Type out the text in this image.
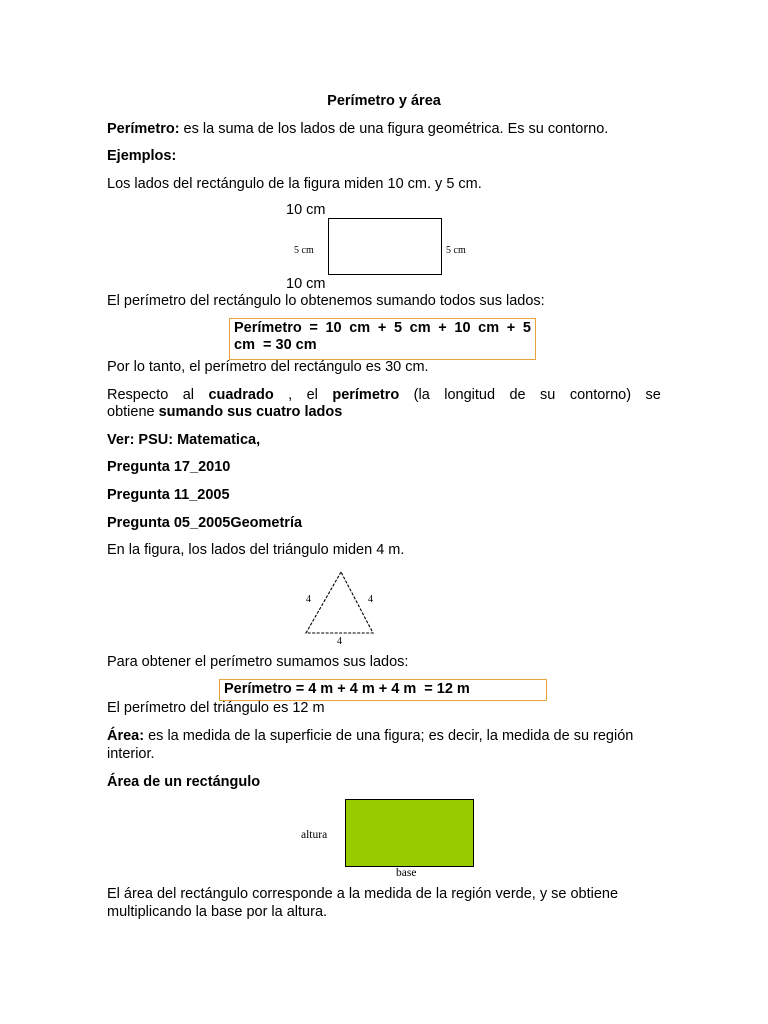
Perímetro y área
Perímetro: es la suma de los lados de una figura geométrica. Es su contorno.
Ejemplos:
Los lados del rectángulo de la figura miden 10 cm. y 5 cm.
10 cm
5 cm	5 cm
10 cm
El perímetro del rectángulo lo obtenemos sumando todos sus lados:
Perímetro = 10 cm + 5 cm + 10 cm + 5
cm  = 30 cm
Por lo tanto, el perímetro del rectángulo es 30 cm.
Respecto al cuadrado , el perímetro (la longitud de su contorno) se
obtiene sumando sus cuatro lados
Ver: PSU: Matematica,
Pregunta 17_2010
Pregunta 11_2005
Pregunta 05_2005Geometría
En la figura, los lados del triángulo miden 4 m.
4	4
4
Para obtener el perímetro sumamos sus lados:
Perímetro = 4 m + 4 m + 4 m  = 12 m
El perímetro del triángulo es 12 m
Área: es la medida de la superficie de una figura; es decir, la medida de su región
interior.
Área de un rectángulo
altura
base
El área del rectángulo corresponde a la medida de la región verde, y se obtiene
multiplicando la base por la altura.
